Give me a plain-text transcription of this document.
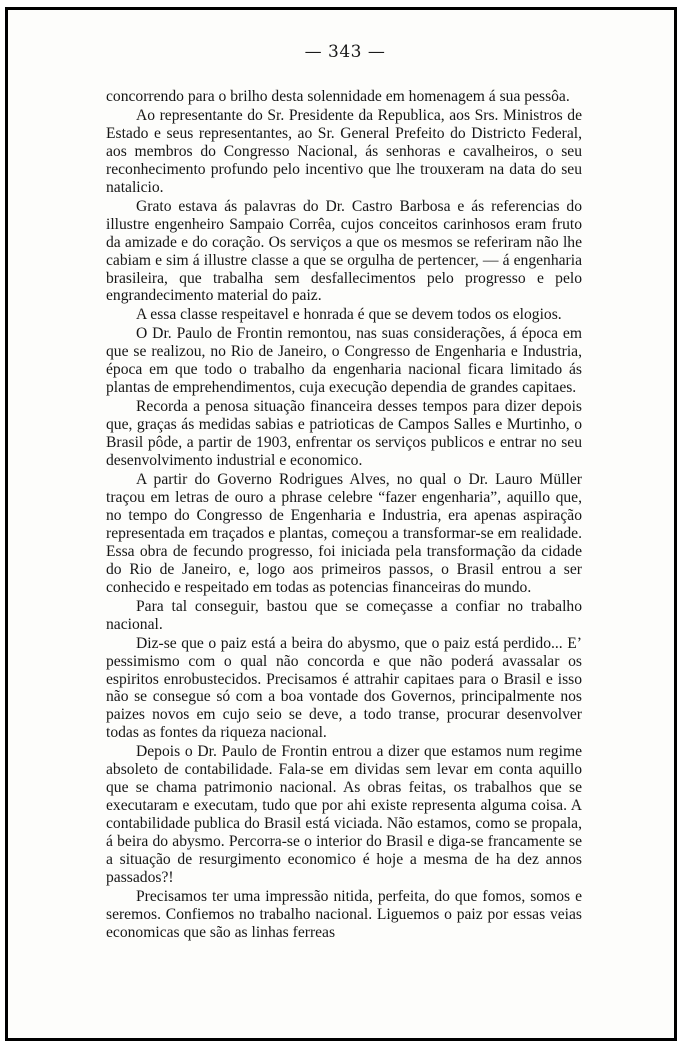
— 343 —

concorrendo para o brilho desta solennidade em homenagem á sua pessôa.

Ao representante do Sr. Presidente da Republica, aos Srs. Ministros de Estado e seus representantes, ao Sr. General Prefeito do Districto Federal, aos membros do Congresso Nacional, ás senhoras e cavalheiros, o seu reconhecimento profundo pelo incentivo que lhe trouxeram na data do seu natalicio.

Grato estava ás palavras do Dr. Castro Barbosa e ás referencias do illustre engenheiro Sampaio Corrêa, cujos conceitos carinhosos eram fruto da amizade e do coração. Os serviços a que os mesmos se referiram não lhe cabiam e sim á illustre classe a que se orgulha de pertencer, — á engenharia brasileira, que trabalha sem desfallecimentos pelo progresso e pelo engrandecimento material do paiz.

A essa classe respeitavel e honrada é que se devem todos os elogios.

O Dr. Paulo de Frontin remontou, nas suas considerações, á época em que se realizou, no Rio de Janeiro, o Congresso de Engenharia e Industria, época em que todo o trabalho da engenharia nacional ficara limitado ás plantas de emprehendimentos, cuja execução dependia de grandes capitaes.

Recorda a penosa situação financeira desses tempos para dizer depois que, graças ás medidas sabias e patrioticas de Campos Salles e Murtinho, o Brasil pôde, a partir de 1903, enfrentar os serviços publicos e entrar no seu desenvolvimento industrial e economico.

A partir do Governo Rodrigues Alves, no qual o Dr. Lauro Müller traçou em letras de ouro a phrase celebre “fazer engenharia”, aquillo que, no tempo do Congresso de Engenharia e Industria, era apenas aspiração representada em traçados e plantas, começou a transformar-se em realidade. Essa obra de fecundo progresso, foi iniciada pela transformação da cidade do Rio de Janeiro, e, logo aos primeiros passos, o Brasil entrou a ser conhecido e respeitado em todas as potencias financeiras do mundo.

Para tal conseguir, bastou que se começasse a confiar no trabalho nacional.

Diz-se que o paiz está a beira do abysmo, que o paiz está perdido... E’ pessimismo com o qual não concorda e que não poderá avassalar os espiritos enrobustecidos. Precisamos é attrahir capitaes para o Brasil e isso não se consegue só com a boa vontade dos Governos, principalmente nos paizes novos em cujo seio se deve, a todo transe, procurar desenvolver todas as fontes da riqueza nacional.

Depois o Dr. Paulo de Frontin entrou a dizer que estamos num regime absoleto de contabilidade. Fala-se em dividas sem levar em conta aquillo que se chama patrimonio nacional. As obras feitas, os trabalhos que se executaram e executam, tudo que por ahi existe representa alguma coisa. A contabilidade publica do Brasil está viciada. Não estamos, como se propala, á beira do abysmo. Percorra-se o interior do Brasil e diga-se francamente se a situação de resurgimento economico é hoje a mesma de ha dez annos passados?!

Precisamos ter uma impressão nitida, perfeita, do que fomos, somos e seremos. Confiemos no trabalho nacional. Liguemos o paiz por essas veias economicas que são as linhas ferreas
